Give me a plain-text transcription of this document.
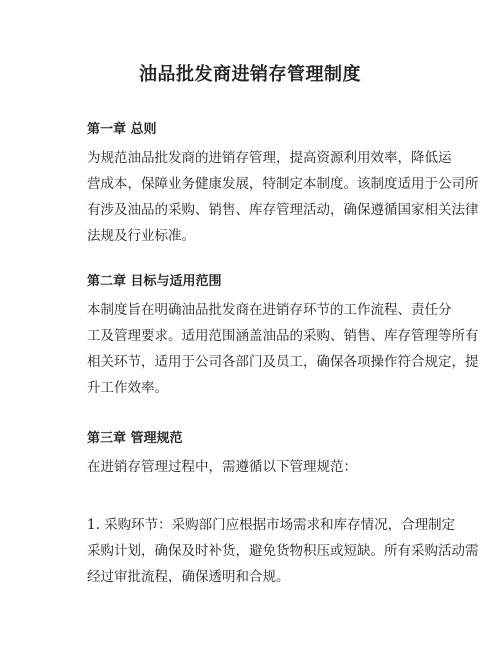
油品批发商进销存管理制度
第一章 总则
为规范油品批发商的进销存管理，提高资源利用效率，降低运
营成本，保障业务健康发展，特制定本制度。该制度适用于公司所
有涉及油品的采购、销售、库存管理活动，确保遵循国家相关法律
法规及行业标准。
第二章 目标与适用范围
本制度旨在明确油品批发商在进销存环节的工作流程、责任分
工及管理要求。适用范围涵盖油品的采购、销售、库存管理等所有
相关环节，适用于公司各部门及员工，确保各项操作符合规定，提
升工作效率。
第三章 管理规范
在进销存管理过程中，需遵循以下管理规范：
1. 采购环节：采购部门应根据市场需求和库存情况，合理制定
采购计划，确保及时补货，避免货物积压或短缺。所有采购活动需
经过审批流程，确保透明和合规。
